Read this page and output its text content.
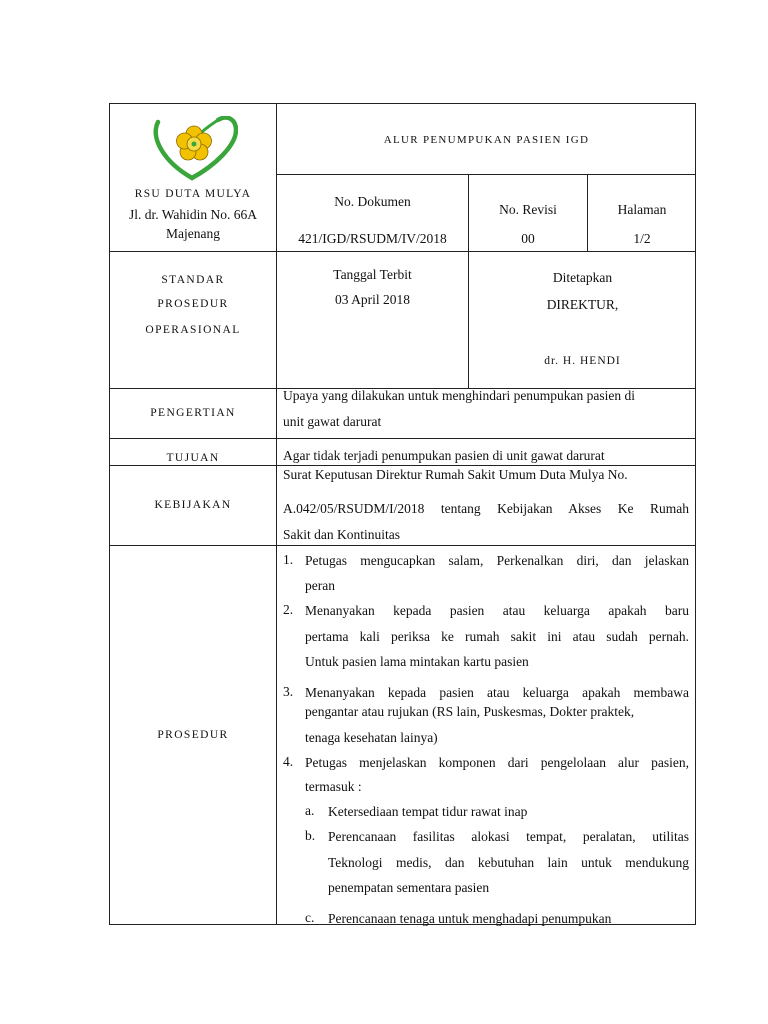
RSU DUTA MULYA
Jl. dr. Wahidin No. 66A
Majenang
ALUR PENUMPUKAN PASIEN IGD
No. Dokumen
421/IGD/RSUDM/IV/2018
No. Revisi
00
Halaman
1/2
STANDAR
PROSEDUR
OPERASIONAL
Tanggal Terbit
03 April 2018
Ditetapkan
DIREKTUR,
dr. H. HENDI
PENGERTIAN
Upaya yang dilakukan untuk menghindari penumpukan pasien di
unit gawat darurat
TUJUAN	Agar tidak terjadi penumpukan pasien di unit gawat darurat
KEBIJAKAN
Surat Keputusan Direktur Rumah Sakit Umum Duta Mulya No.
A.042/05/RSUDM/I/2018 tentang Kebijakan Akses Ke Rumah
Sakit dan Kontinuitas
PROSEDUR
1. Petugas mengucapkan salam, Perkenalkan diri, dan jelaskan
peran
2. Menanyakan kepada pasien atau keluarga apakah baru
pertama kali periksa ke rumah sakit ini atau sudah pernah.
Untuk pasien lama mintakan kartu pasien
3. Menanyakan kepada pasien atau keluarga apakah membawa
pengantar atau rujukan (RS lain, Puskesmas, Dokter praktek,
tenaga kesehatan lainya)
4. Petugas menjelaskan komponen dari pengelolaan alur pasien,
termasuk :
a. Ketersediaan tempat tidur rawat inap
b. Perencanaan fasilitas alokasi tempat, peralatan, utilitas
Teknologi medis, dan kebutuhan lain untuk mendukung
penempatan sementara pasien
c. Perencanaan tenaga untuk menghadapi penumpukan
